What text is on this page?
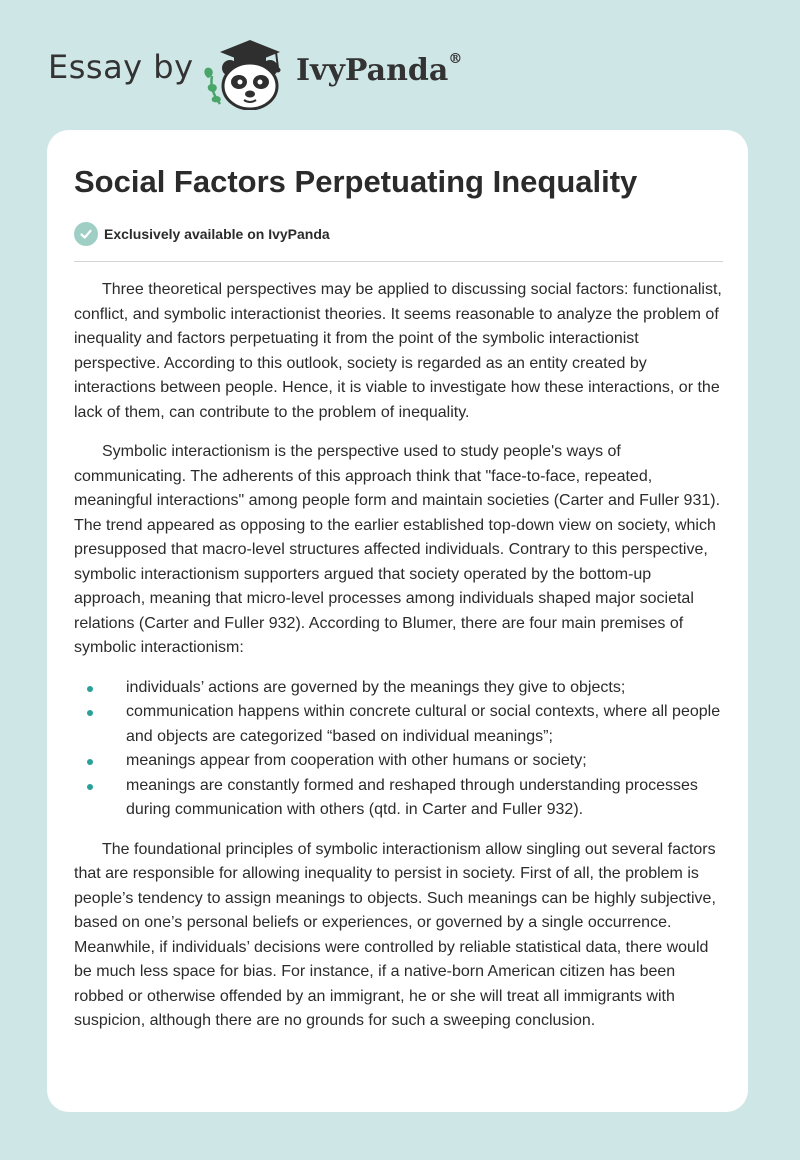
Essay by	IvyPanda®
Social Factors Perpetuating Inequality
Exclusively available on IvyPanda

Three theoretical perspectives may be applied to discussing social factors: functionalist, conflict, and symbolic interactionist theories. It seems reasonable to analyze the problem of inequality and factors perpetuating it from the point of the symbolic interactionist perspective. According to this outlook, society is regarded as an entity created by interactions between people. Hence, it is viable to investigate how these interactions, or the lack of them, can contribute to the problem of inequality.

Symbolic interactionism is the perspective used to study people's ways of communicating. The adherents of this approach think that "face-to-face, repeated, meaningful interactions" among people form and maintain societies (Carter and Fuller 931). The trend appeared as opposing to the earlier established top-down view on society, which presupposed that macro-level structures affected individuals. Contrary to this perspective, symbolic interactionism supporters argued that society operated by the bottom-up approach, meaning that micro-level processes among individuals shaped major societal relations (Carter and Fuller 932). According to Blumer, there are four main premises of symbolic interactionism:

individuals’ actions are governed by the meanings they give to objects;
communication happens within concrete cultural or social contexts, where all people and objects are categorized “based on individual meanings”;
meanings appear from cooperation with other humans or society;
meanings are constantly formed and reshaped through understanding processes during communication with others (qtd. in Carter and Fuller 932).

The foundational principles of symbolic interactionism allow singling out several factors that are responsible for allowing inequality to persist in society. First of all, the problem is people’s tendency to assign meanings to objects. Such meanings can be highly subjective, based on one’s personal beliefs or experiences, or governed by a single occurrence. Meanwhile, if individuals’ decisions were controlled by reliable statistical data, there would be much less space for bias. For instance, if a native-born American citizen has been robbed or otherwise offended by an immigrant, he or she will treat all immigrants with suspicion, although there are no grounds for such a sweeping conclusion.
